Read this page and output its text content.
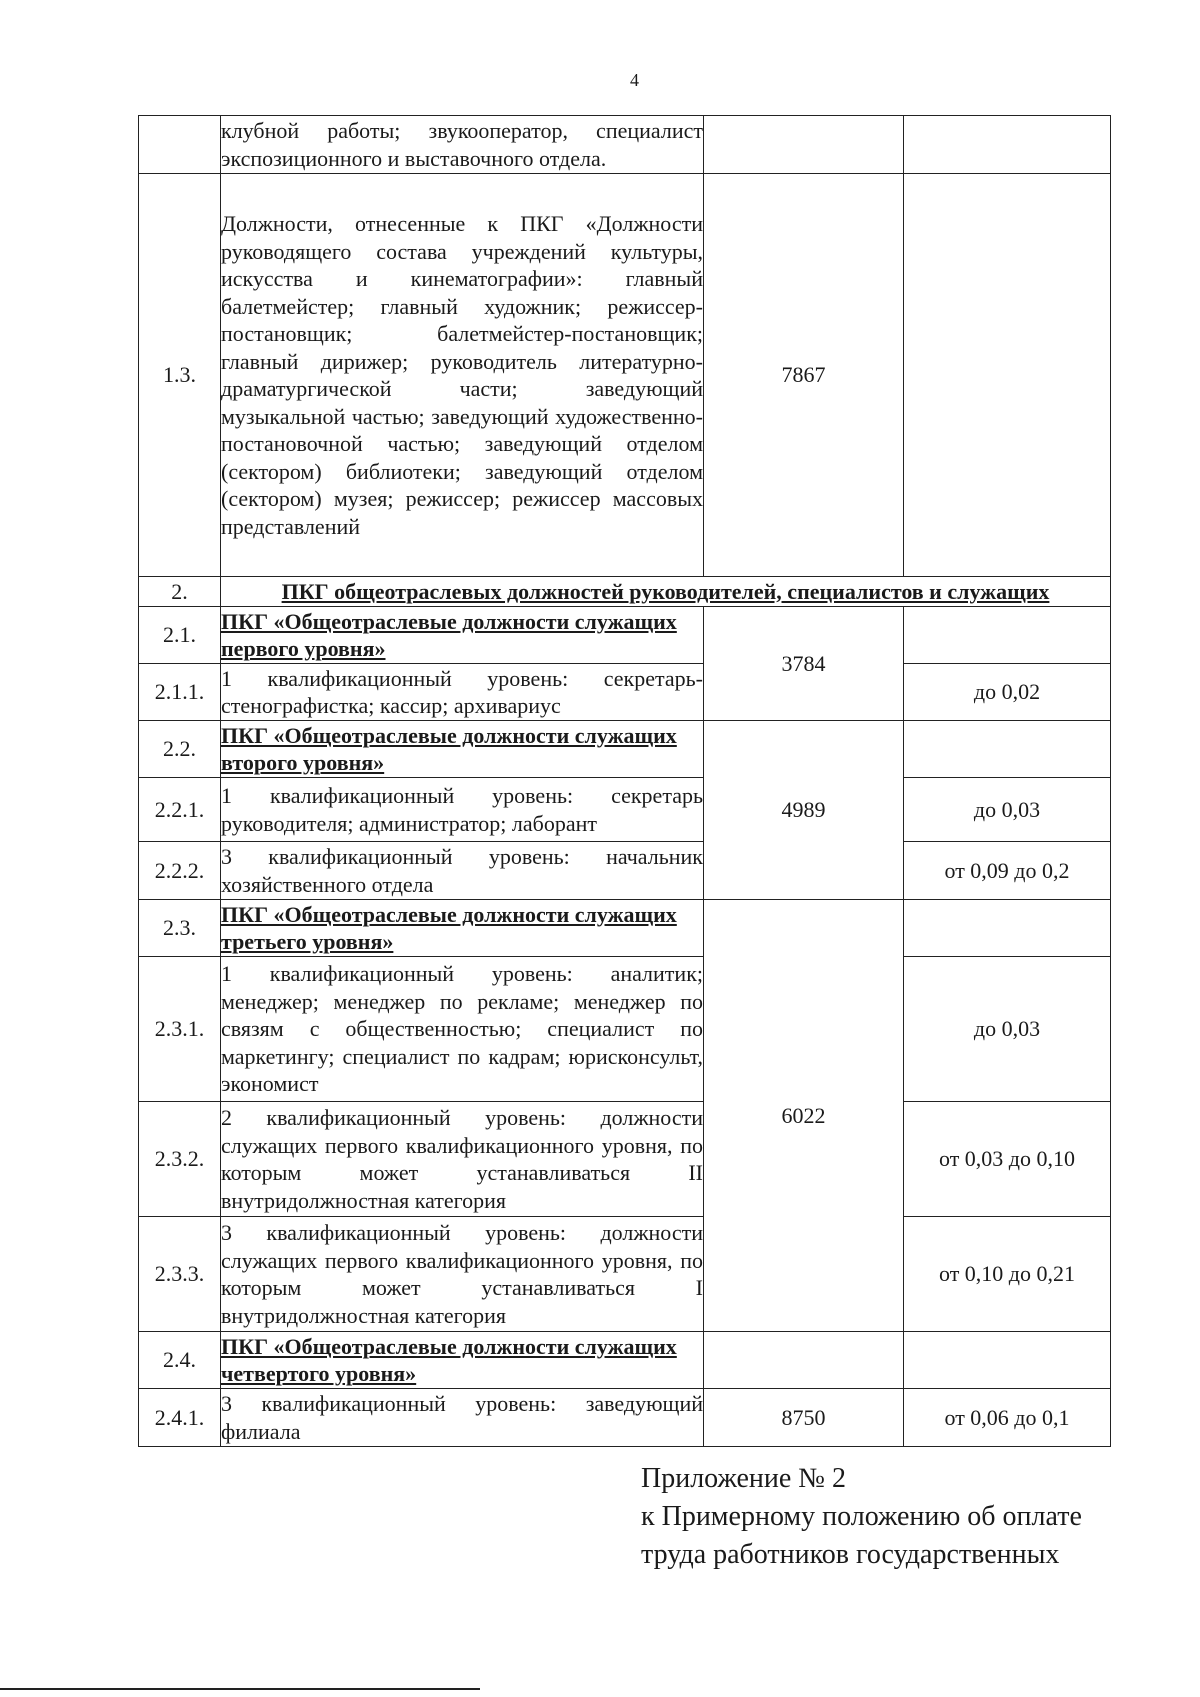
4
	клубной работы; звукооператор, специалист экспозиционного и выставочного отдела.		
1.3.	Должности, отнесенные к ПКГ «Должности руководящего состава учреждений культуры, искусства и кинематографии»: главный балетмейстер; главный художник; режиссер-постановщик; балетмейстер-постановщик; главный дирижер; руководитель литературно-драматургической части; заведующий музыкальной частью; заведующий художественно-постановочной частью; заведующий отделом (сектором) библиотеки; заведующий отделом (сектором) музея; режиссер; режиссер массовых представлений	7867	
2.	ПКГ общеотраслевых должностей руководителей, специалистов и служащих		
2.1.	ПКГ «Общеотраслевые должности служащих первого уровня»	3784	
2.1.1.	1 квалификационный уровень: секретарь-стенографистка; кассир; архивариус		до 0,02
2.2.	ПКГ «Общеотраслевые должности служащих второго уровня»	4989	
2.2.1.	1 квалификационный уровень: секретарь руководителя; администратор; лаборант		до 0,03
2.2.2.	3 квалификационный уровень: начальник хозяйственного отдела		от 0,09 до 0,2
2.3.	ПКГ «Общеотраслевые должности служащих третьего уровня»	6022	
2.3.1.	1 квалификационный уровень: аналитик; менеджер; менеджер по рекламе; менеджер по связям с общественностью; специалист по маркетингу; специалист по кадрам; юрисконсульт, экономист		до 0,03
2.3.2.	2 квалификационный уровень: должности служащих первого квалификационного уровня, по которым может устанавливаться II внутридолжностная категория		от 0,03 до 0,10
2.3.3.	3 квалификационный уровень: должности служащих первого квалификационного уровня, по которым может устанавливаться I внутридолжностная категория		от 0,10 до 0,21
2.4.	ПКГ «Общеотраслевые должности служащих четвертого уровня»		
2.4.1.	3 квалификационный уровень: заведующий филиала	8750	от 0,06 до 0,1
Приложение № 2
к Примерному положению об оплате
труда работников государственных
